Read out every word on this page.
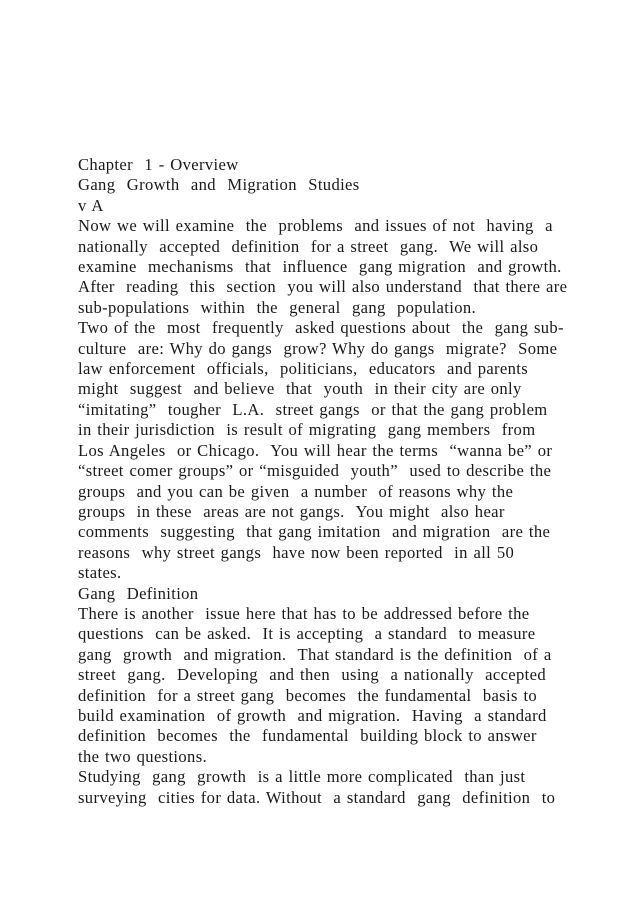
Chapter  1 - Overview
Gang  Growth  and  Migration  Studies
v A
Now we will examine  the  problems  and issues of not  having  a
nationally  accepted  definition  for a street  gang.  We will also
examine  mechanisms  that  influence  gang migration  and growth.
After  reading  this  section  you will also understand  that there are
sub-populations  within  the  general  gang  population.
Two of the  most  frequently  asked questions about  the  gang sub-
culture  are: Why do gangs  grow? Why do gangs  migrate?  Some
law enforcement  officials,  politicians,  educators  and parents
might  suggest  and believe  that  youth  in their city are only
“imitating”  tougher  L.A.  street gangs  or that the gang problem
in their jurisdiction  is result of migrating  gang members  from
Los Angeles  or Chicago.  You will hear the terms  “wanna be” or
“street comer groups” or “misguided  youth”  used to describe the
groups  and you can be given  a number  of reasons why the
groups  in these  areas are not gangs.  You might  also hear
comments  suggesting  that gang imitation  and migration  are the
reasons  why street gangs  have now been reported  in all 50
states.
Gang  Definition
There is another  issue here that has to be addressed before the
questions  can be asked.  It is accepting  a standard  to measure
gang  growth  and migration.  That standard is the definition  of a
street  gang.  Developing  and then  using  a nationally  accepted
definition  for a street gang  becomes  the fundamental  basis to
build examination  of growth  and migration.  Having  a standard
definition  becomes  the  fundamental  building block to answer
the two questions.
Studying  gang  growth  is a little more complicated  than just
surveying  cities for data. Without  a standard  gang  definition  to
